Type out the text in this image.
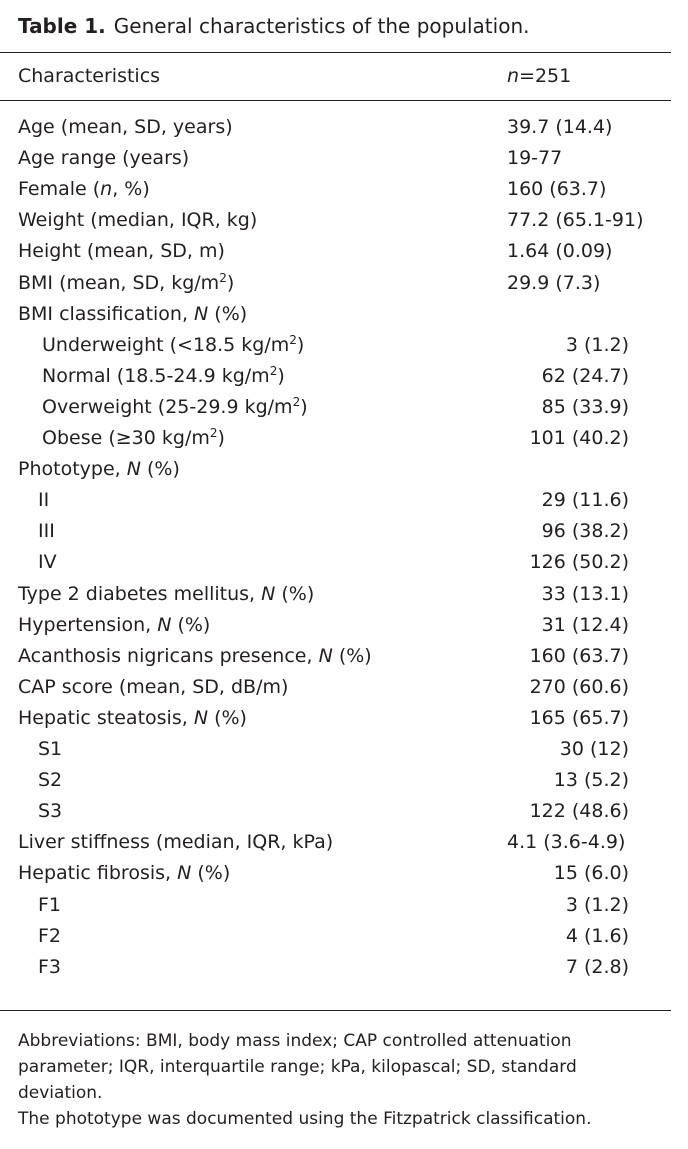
Table 1. General characteristics of the population.
Characteristics	n=251
Age (mean, SD, years)	39.7 (14.4)
Age range (years)	19-77
Female (n, %)	160 (63.7)
Weight (median, IQR, kg)	77.2 (65.1-91)
Height (mean, SD, m)	1.64 (0.09)
BMI (mean, SD, $kg/m^2$)	29.9 (7.3)
BMI classification, N (%)
Underweight (<18.5 $kg/m^2$)	3 (1.2)
Normal (18.5-24.9 $kg/m^2$)	62 (24.7)
Overweight (25-29.9 $kg/m^2$)	85 (33.9)
Obese (≥30 $kg/m^2$)	101 (40.2)
Phototype, N (%)
II	29 (11.6)
III	96 (38.2)
IV	126 (50.2)
Type 2 diabetes mellitus, N (%)	33 (13.1)
Hypertension, N (%)	31 (12.4)
Acanthosis nigricans presence, N (%)	160 (63.7)
CAP score (mean, SD, dB/m)	270 (60.6)
Hepatic steatosis, N (%)	165 (65.7)
S1	30 (12)
S2	13 (5.2)
S3	122 (48.6)
Liver stiffness (median, IQR, kPa)	4.1 (3.6-4.9)
Hepatic fibrosis, N (%)	15 (6.0)
F1	3 (1.2)
F2	4 (1.6)
F3	7 (2.8)
Abbreviations: BMI, body mass index; CAP controlled attenuation parameter; IQR, interquartile range; kPa, kilopascal; SD, standard deviation.
The phototype was documented using the Fitzpatrick classification.
